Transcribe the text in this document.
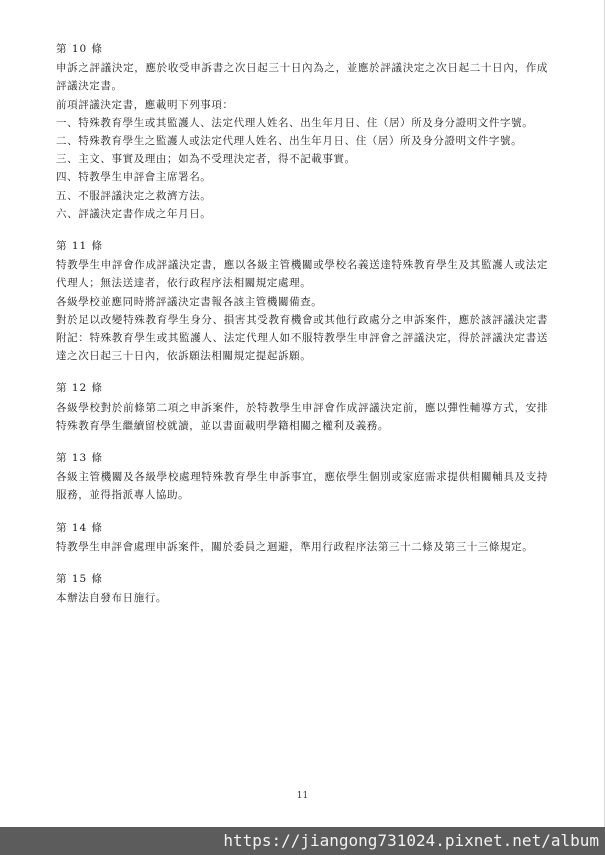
第 10 條

申訴之評議決定，應於收受申訴書之次日起三十日內為之，並應於評議決定之次日起二十日內，作成評議決定書。

前項評議決定書，應載明下列事項：

一、特殊教育學生或其監護人、法定代理人姓名、出生年月日、住（居）所及身分證明文件字號。

二、特殊教育學生之監護人或法定代理人姓名、出生年月日、住（居）所及身分證明文件字號。

三、主文、事實及理由；如為不受理決定者，得不記載事實。

四、特教學生申評會主席署名。

五、不服評議決定之救濟方法。

六、評議決定書作成之年月日。

第 11 條

特教學生申評會作成評議決定書，應以各級主管機關或學校名義送達特殊教育學生及其監護人或法定代理人；無法送達者，依行政程序法相關規定處理。

各級學校並應同時將評議決定書報各該主管機關備查。

對於足以改變特殊教育學生身分、損害其受教育機會或其他行政處分之申訴案件，應於該評議決定書附記：特殊教育學生或其監護人、法定代理人如不服特教學生申評會之評議決定，得於評議決定書送達之次日起三十日內，依訴願法相關規定提起訴願。

第 12 條

各級學校對於前條第二項之申訴案件，於特教學生申評會作成評議決定前，應以彈性輔導方式，安排特殊教育學生繼續留校就讀，並以書面載明學籍相關之權利及義務。

第 13 條

各級主管機關及各級學校處理特殊教育學生申訴事宜，應依學生個別或家庭需求提供相關輔具及支持服務，並得指派專人協助。

第 14 條

特教學生申評會處理申訴案件，關於委員之迴避，準用行政程序法第三十二條及第三十三條規定。

第 15 條

本辦法自發布日施行。

11
https://jiangong731024.pixnet.net/album
